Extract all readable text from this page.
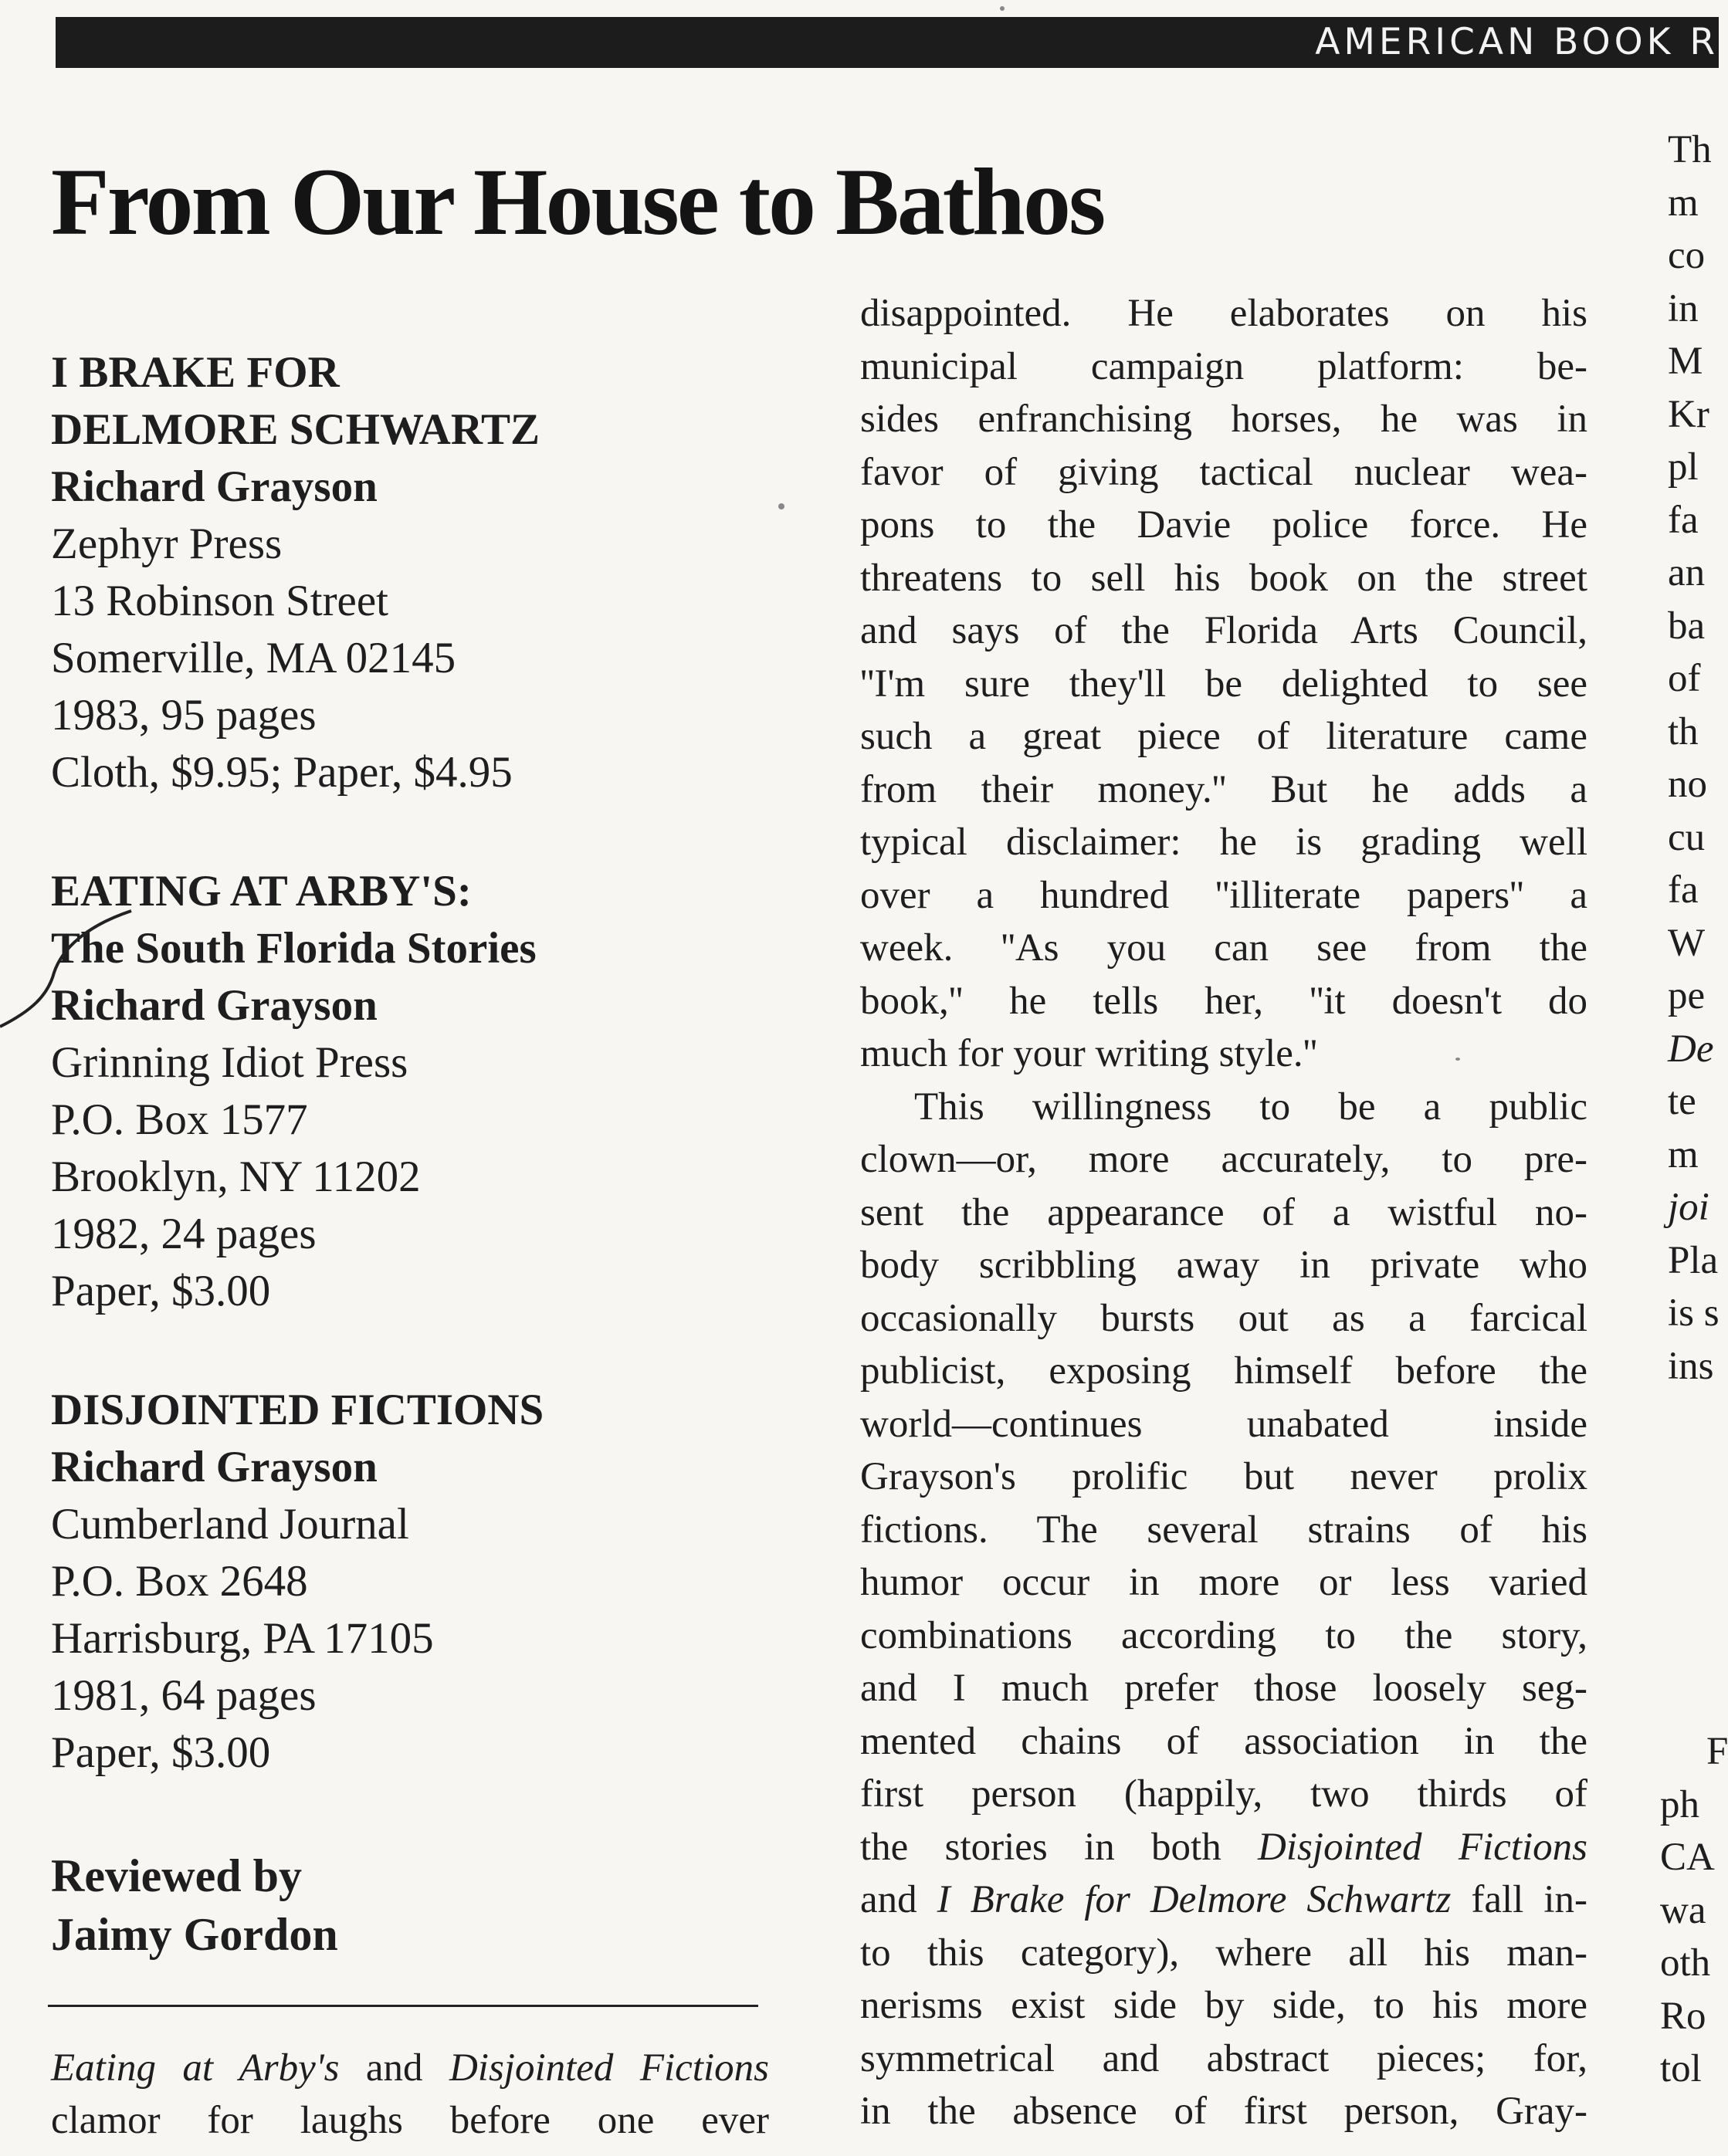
AMERICAN BOOK R
From Our House to Bathos
I BRAKE FOR
DELMORE SCHWARTZ
Richard Grayson
Zephyr Press
13 Robinson Street
Somerville, MA 02145
1983, 95 pages
Cloth, $9.95; Paper, $4.95
EATING AT ARBY'S:
The South Florida Stories
Richard Grayson
Grinning Idiot Press
P.O. Box 1577
Brooklyn, NY 11202
1982, 24 pages
Paper, $3.00
DISJOINTED FICTIONS
Richard Grayson
Cumberland Journal
P.O. Box 2648
Harrisburg, PA 17105
1981, 64 pages
Paper, $3.00
Reviewed by
Jaimy Gordon
Eating at Arby's and Disjointed Fictions
clamor for laughs before one ever
disappointed. He elaborates on his
municipal campaign platform: be-
sides enfranchising horses, he was in
favor of giving tactical nuclear wea-
pons to the Davie police force. He
threatens to sell his book on the street
and says of the Florida Arts Council,
''I'm sure they'll be delighted to see
such a great piece of literature came
from their money.'' But he adds a
typical disclaimer: he is grading well
over a hundred ''illiterate papers'' a
week. ''As you can see from the
book,'' he tells her, ''it doesn't do
much for your writing style.''
This willingness to be a public
clown—or, more accurately, to pre-
sent the appearance of a wistful no-
body scribbling away in private who
occasionally bursts out as a farcical
publicist, exposing himself before the
world—continues unabated inside
Grayson's prolific but never prolix
fictions. The several strains of his
humor occur in more or less varied
combinations according to the story,
and I much prefer those loosely seg-
mented chains of association in the
first person (happily, two thirds of
the stories in both Disjointed Fictions
and I Brake for Delmore Schwartz fall in-
to this category), where all his man-
nerisms exist side by side, to his more
symmetrical and abstract pieces; for,
in the absence of first person, Gray-
Th
m
co
in
M
Kr
pl
fa
an
ba
of
th
no
cu
fa
W
pe
De
te
m
joi
Pla
is s
ins
F
ph
CA
wa
oth
Ro
tol
